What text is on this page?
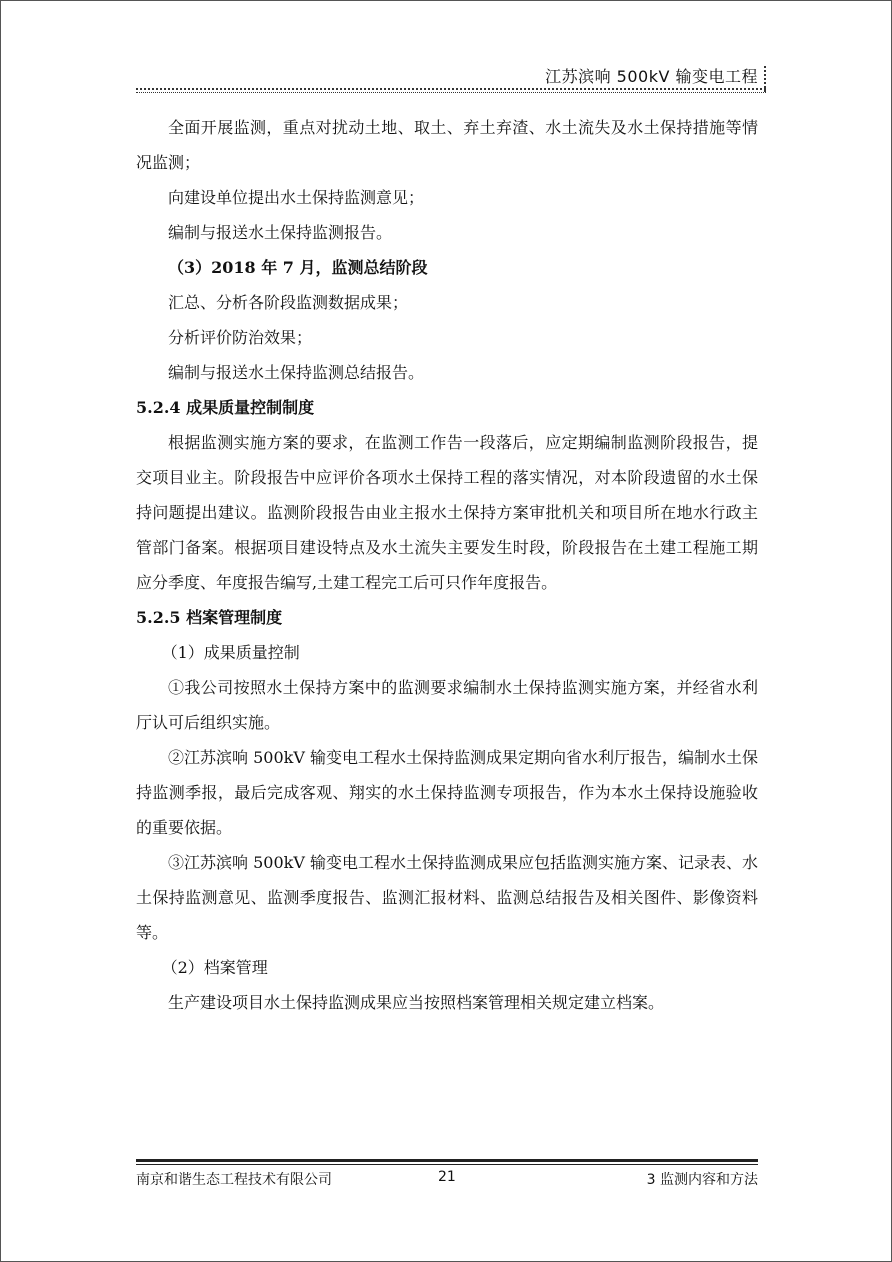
江苏滨响 500kV 输变电工程

全面开展监测，重点对扰动土地、取土、弃土弃渣、水土流失及水土保持措施等情况监测；

向建设单位提出水土保持监测意见；

编制与报送水土保持监测报告。

（3）2018 年 7 月，监测总结阶段

汇总、分析各阶段监测数据成果；

分析评价防治效果；

编制与报送水土保持监测总结报告。

5.2.4 成果质量控制制度

根据监测实施方案的要求，在监测工作告一段落后，应定期编制监测阶段报告，提交项目业主。阶段报告中应评价各项水土保持工程的落实情况，对本阶段遗留的水土保持问题提出建议。监测阶段报告由业主报水土保持方案审批机关和项目所在地水行政主管部门备案。根据项目建设特点及水土流失主要发生时段，阶段报告在土建工程施工期应分季度、年度报告编写,土建工程完工后可只作年度报告。

5.2.5 档案管理制度

（1）成果质量控制

①我公司按照水土保持方案中的监测要求编制水土保持监测实施方案，并经省水利厅认可后组织实施。

②江苏滨响 500kV 输变电工程水土保持监测成果定期向省水利厅报告，编制水土保持监测季报，最后完成客观、翔实的水土保持监测专项报告，作为本水土保持设施验收的重要依据。

③江苏滨响 500kV 输变电工程水土保持监测成果应包括监测实施方案、记录表、水土保持监测意见、监测季度报告、监测汇报材料、监测总结报告及相关图件、影像资料等。

（2）档案管理

生产建设项目水土保持监测成果应当按照档案管理相关规定建立档案。

南京和谐生态工程技术有限公司	21	3 监测内容和方法
